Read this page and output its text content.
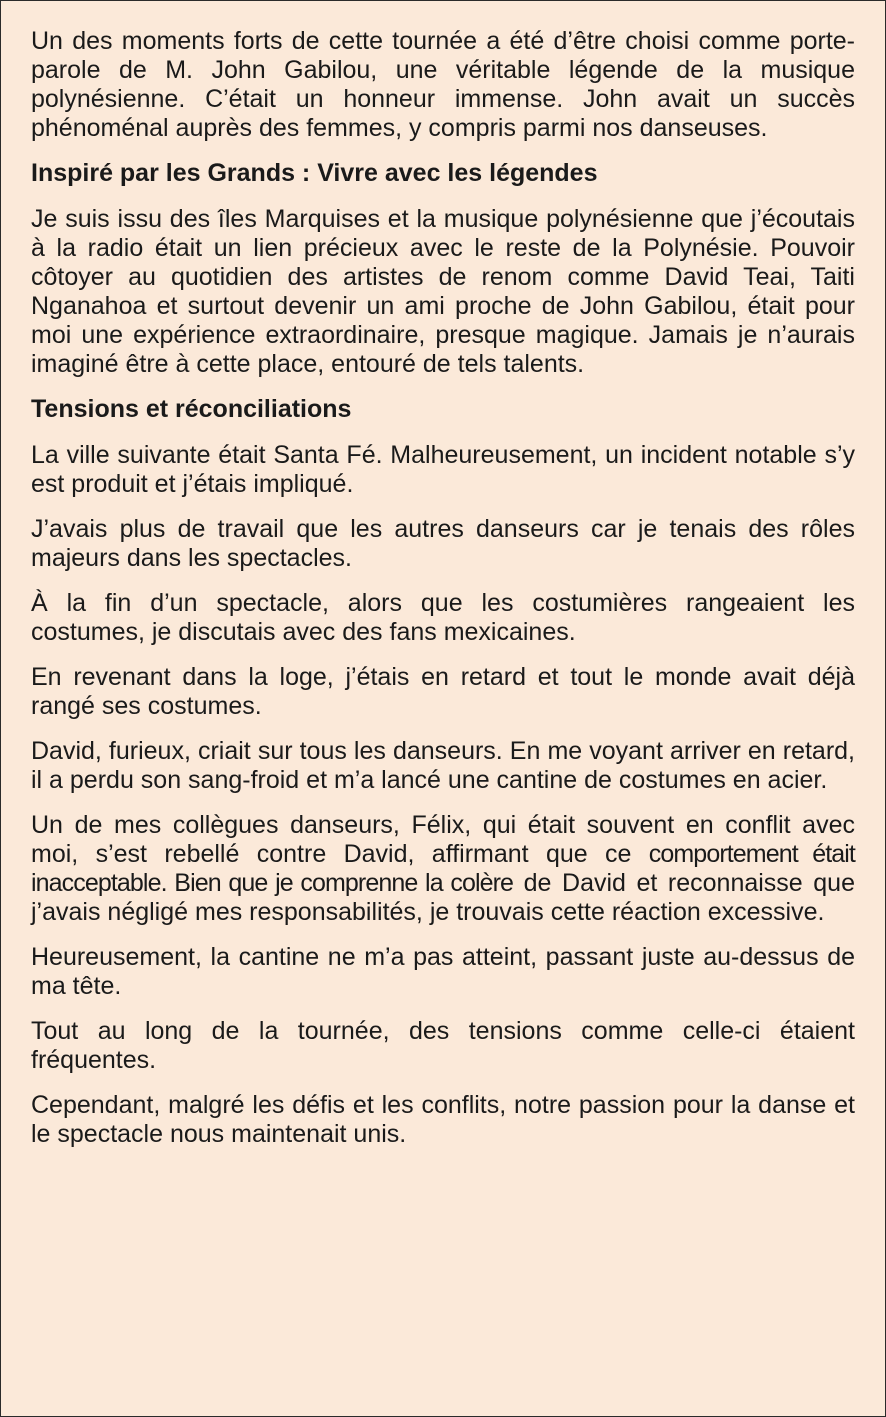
Un des moments forts de cette tournée a été d’être choisi comme porte-parole de M. John Gabilou, une véritable légende de la musique polynésienne. C’était un honneur immense. John avait un succès phénoménal auprès des femmes, y compris parmi nos danseuses.

Inspiré par les Grands : Vivre avec les légendes

Je suis issu des îles Marquises et la musique polynésienne que j’écoutais à la radio était un lien précieux avec le reste de la Polynésie. Pouvoir côtoyer au quotidien des artistes de renom comme David Teai, Taiti Nganahoa et surtout devenir un ami proche de John Gabilou, était pour moi une expérience extraordinaire, presque magique. Jamais je n’aurais imaginé être à cette place, entouré de tels talents.

Tensions et réconciliations

La ville suivante était Santa Fé. Malheureusement, un incident notable s’y est produit et j’étais impliqué.

J’avais plus de travail que les autres danseurs car je tenais des rôles majeurs dans les spectacles.

À la fin d’un spectacle, alors que les costumières rangeaient les costumes, je discutais avec des fans mexicaines.

En revenant dans la loge, j’étais en retard et tout le monde avait déjà rangé ses costumes.

David, furieux, criait sur tous les danseurs. En me voyant arriver en retard, il a perdu son sang-froid et m’a lancé une cantine de costumes en acier.

Un de mes collègues danseurs, Félix, qui était souvent en conflit avec moi, s’est rebellé contre David, affirmant que ce comportement était inacceptable. Bien que je comprenne la colère de David et reconnaisse que j’avais négligé mes responsabilités, je trouvais cette réaction excessive.

Heureusement, la cantine ne m’a pas atteint, passant juste au-dessus de ma tête.

Tout au long de la tournée, des tensions comme celle-ci étaient fréquentes.

Cependant, malgré les défis et les conflits, notre passion pour la danse et le spectacle nous maintenait unis.
